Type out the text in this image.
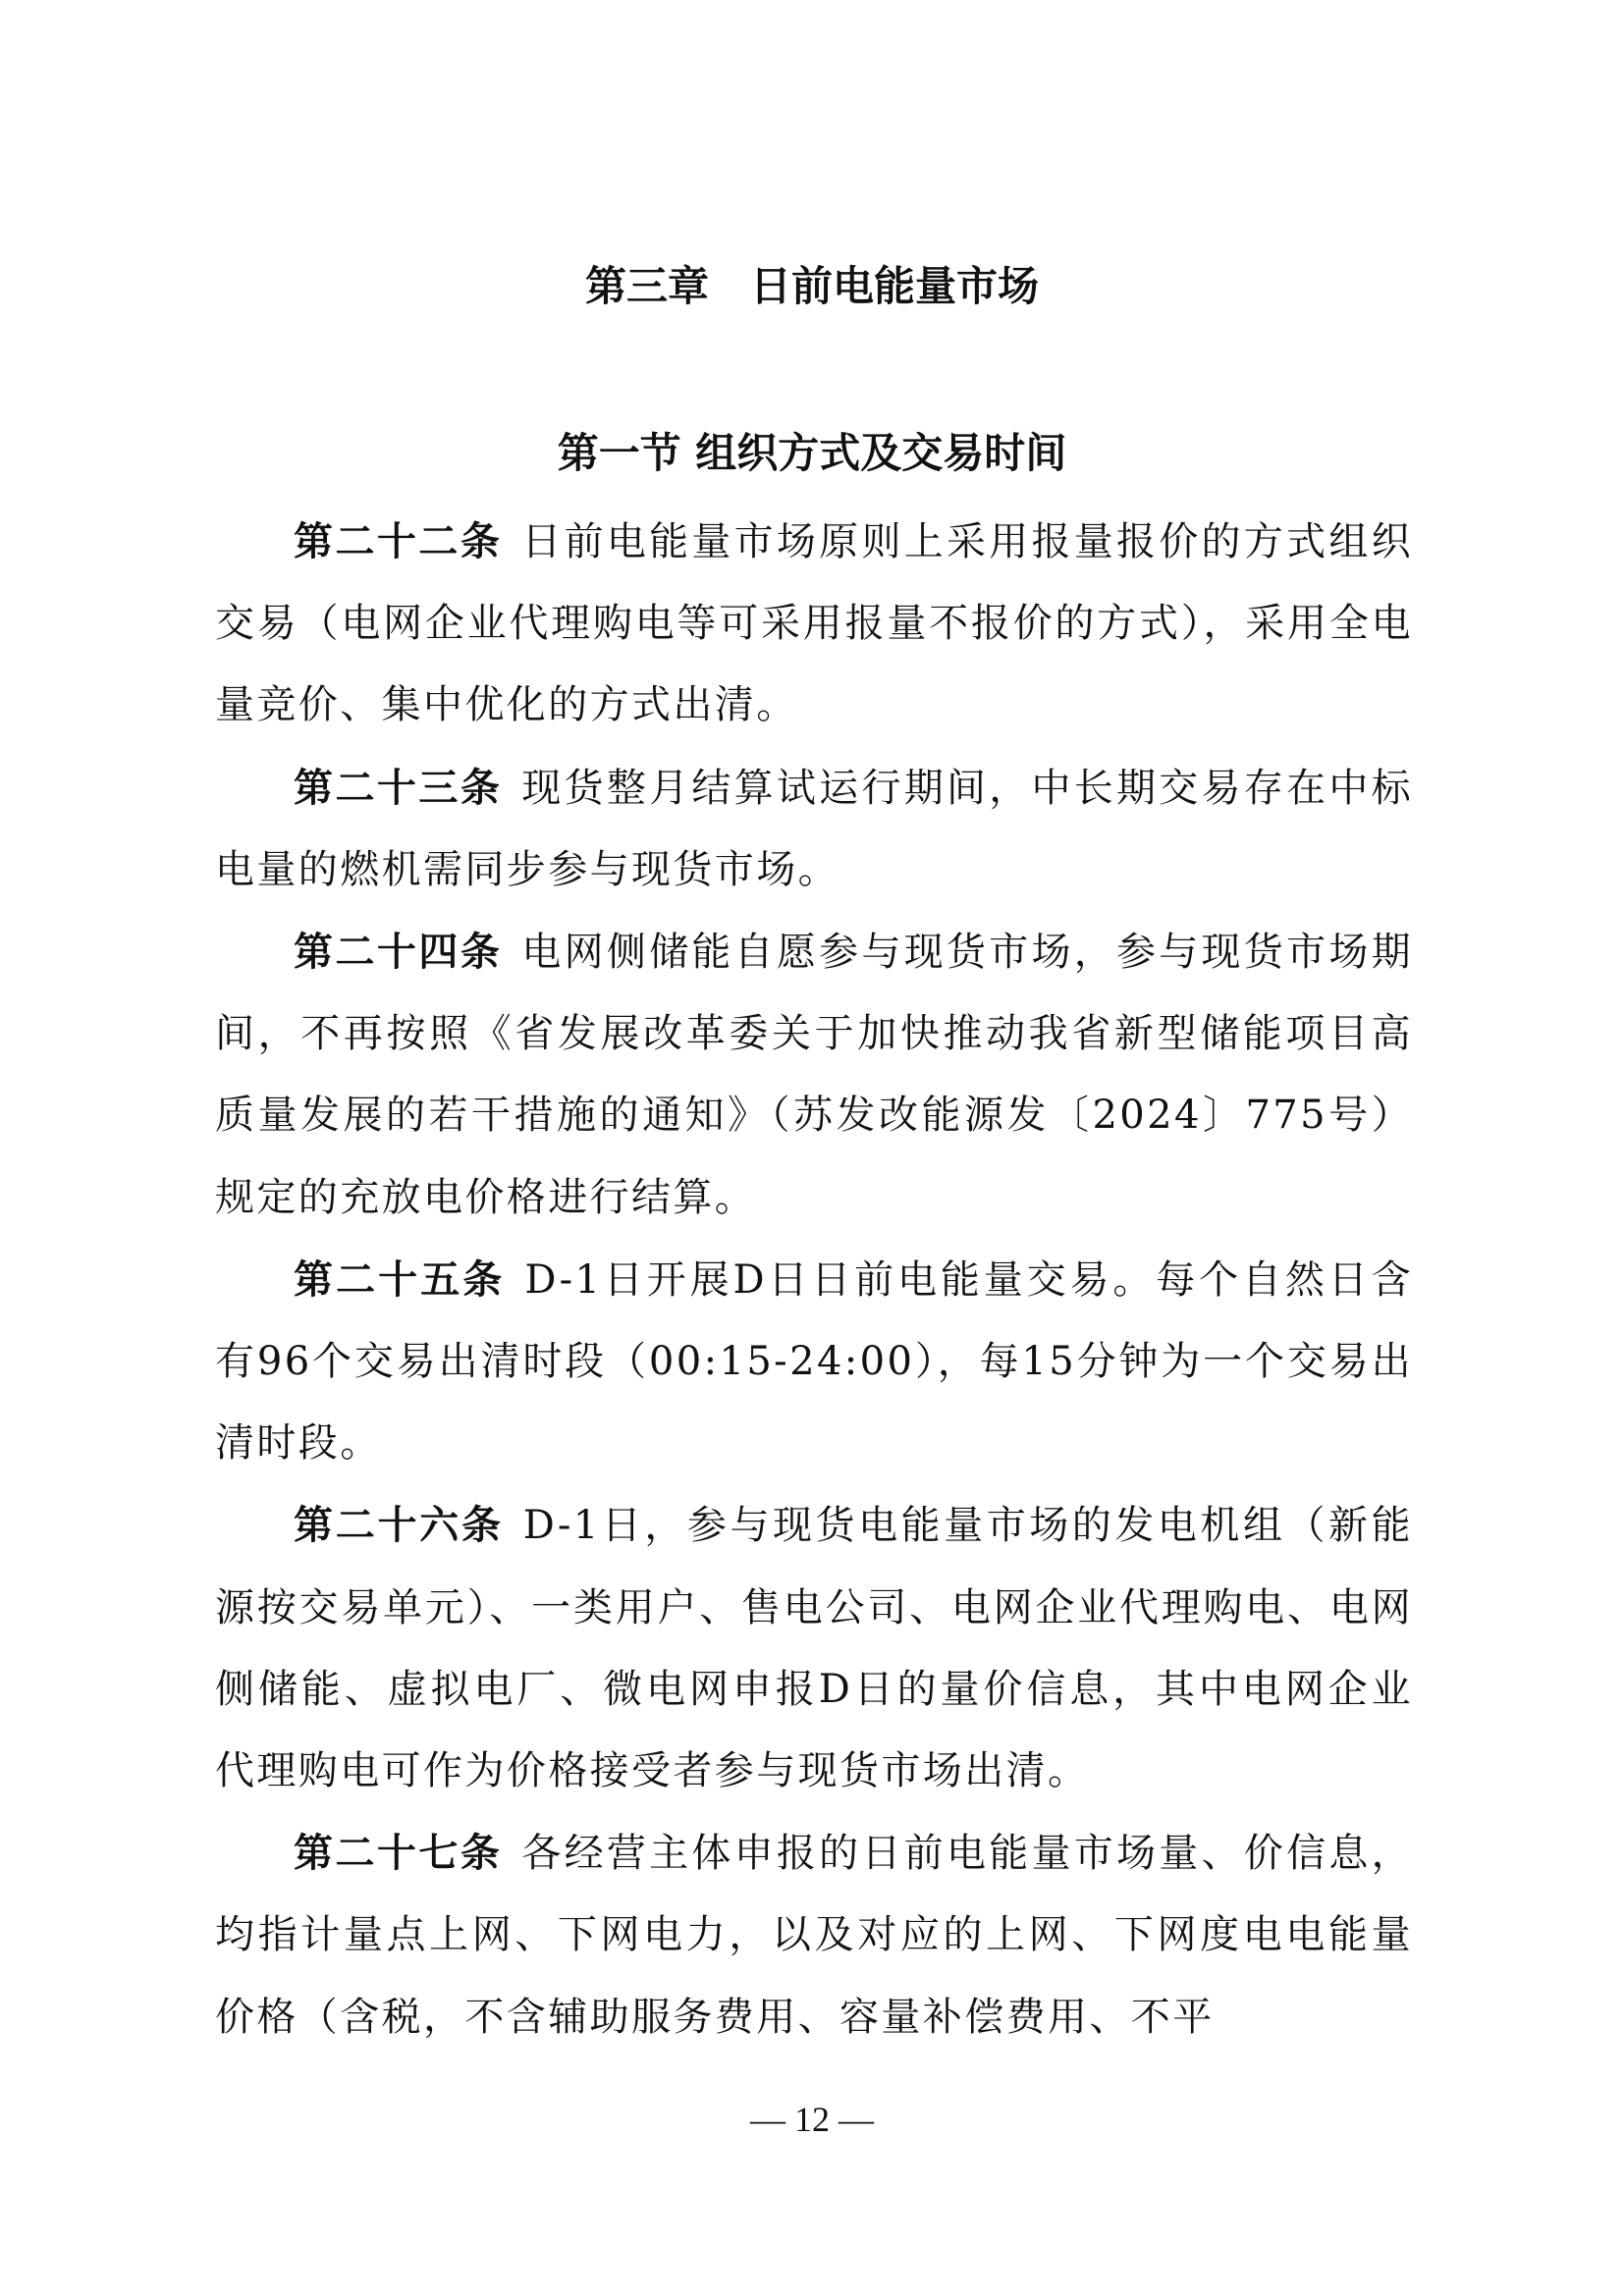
第三章　日前电能量市场
第一节 组织方式及交易时间

第二十二条 日前电能量市场原则上采用报量报价的方式组织交易（电网企业代理购电等可采用报量不报价的方式），采用全电量竞价、集中优化的方式出清。

第二十三条 现货整月结算试运行期间，中长期交易存在中标电量的燃机需同步参与现货市场。

第二十四条 电网侧储能自愿参与现货市场，参与现货市场期间，不再按照《省发展改革委关于加快推动我省新型储能项目高质量发展的若干措施的通知》（苏发改能源发〔2024〕775号）规定的充放电价格进行结算。

第二十五条 D-1日开展D日日前电能量交易。每个自然日含有96个交易出清时段（00:15-24:00），每15分钟为一个交易出清时段。

第二十六条 D-1日，参与现货电能量市场的发电机组（新能源按交易单元）、一类用户、售电公司、电网企业代理购电、电网侧储能、虚拟电厂、微电网申报D日的量价信息，其中电网企业代理购电可作为价格接受者参与现货市场出清。

第二十七条 各经营主体申报的日前电能量市场量、价信息，均指计量点上网、下网电力，以及对应的上网、下网度电电能量价格（含税，不含辅助服务费用、容量补偿费用、不平

— 12 —
